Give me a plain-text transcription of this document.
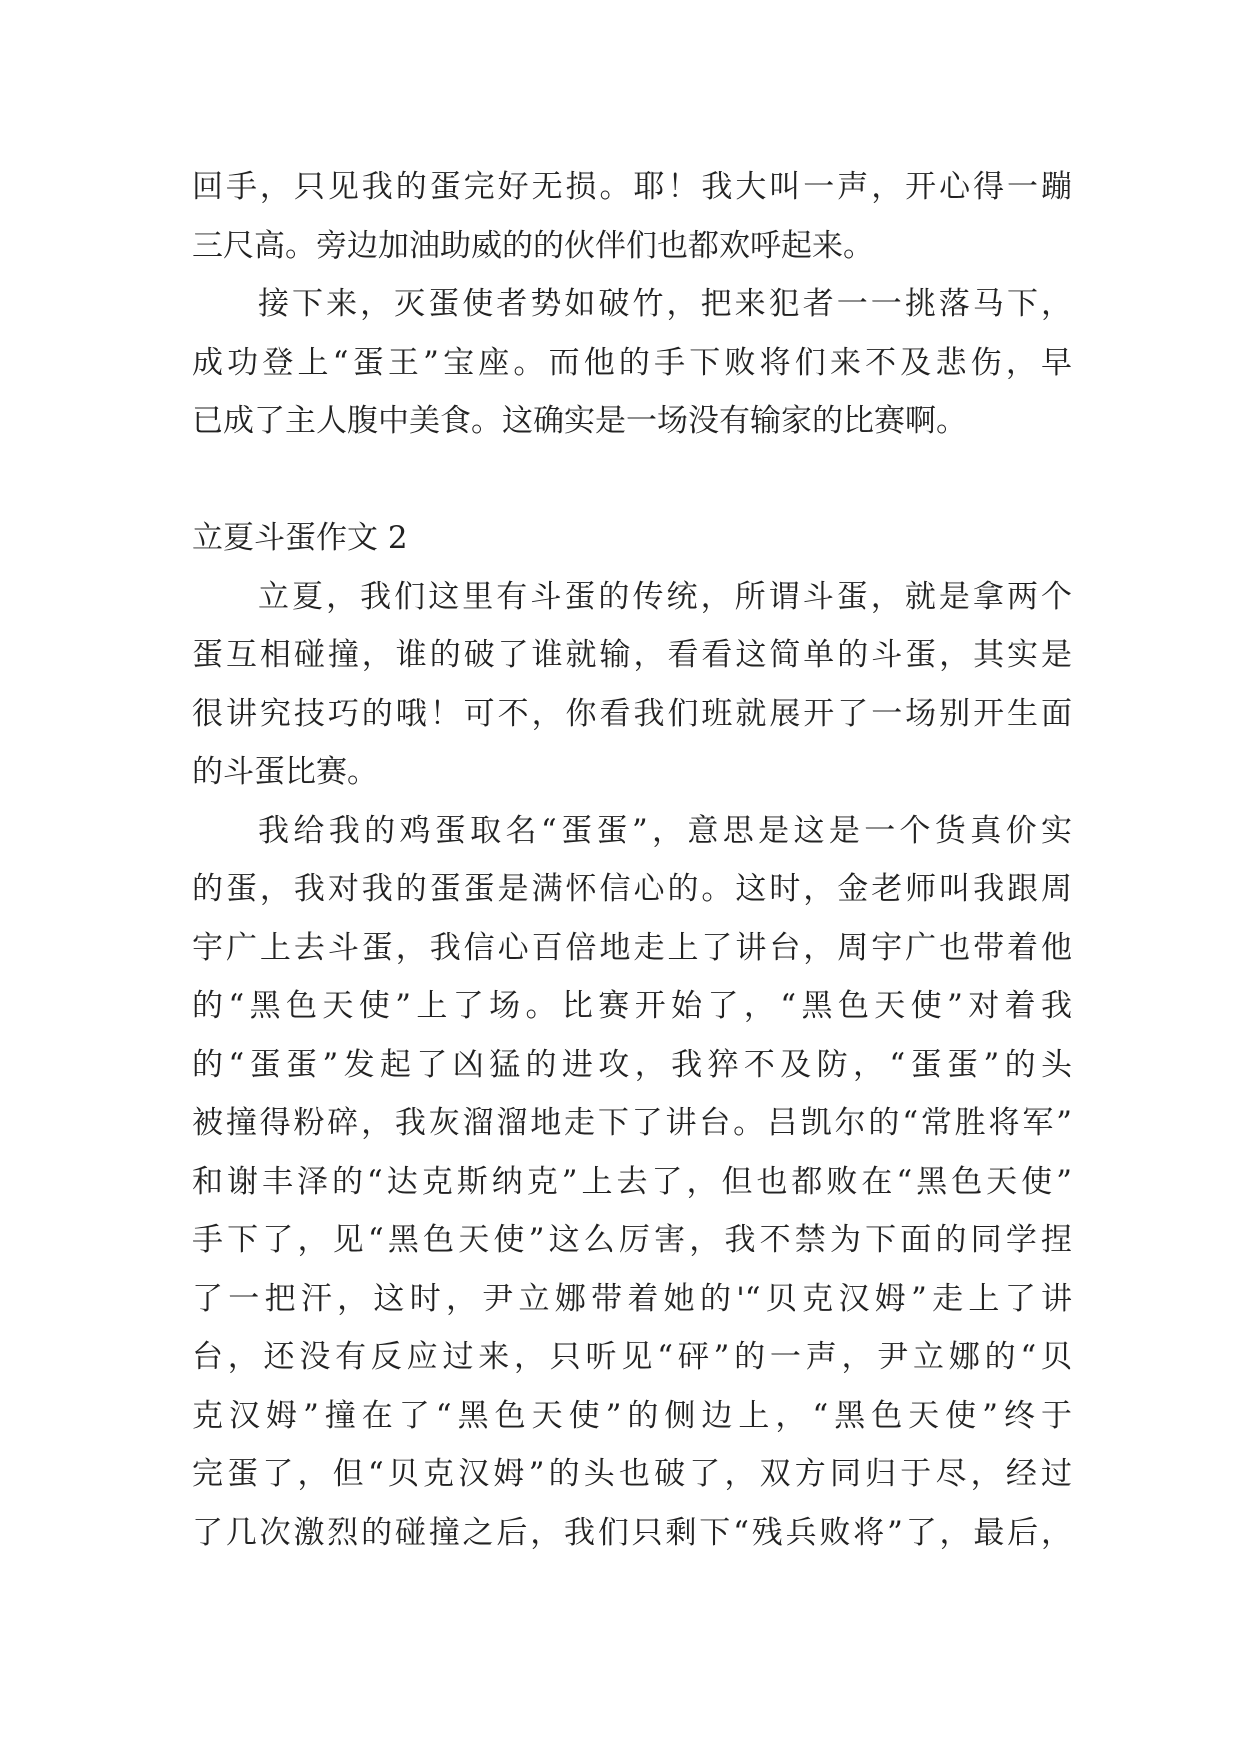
回手，只见我的蛋完好无损。耶！我大叫一声，开心得一蹦
三尺高。旁边加油助威的的伙伴们也都欢呼起来。
接下来，灭蛋使者势如破竹，把来犯者一一挑落马下，
成功登上“蛋王”宝座。而他的手下败将们来不及悲伤，早
已成了主人腹中美食。这确实是一场没有输家的比赛啊。
立夏斗蛋作文 2
立夏，我们这里有斗蛋的传统，所谓斗蛋，就是拿两个
蛋互相碰撞，谁的破了谁就输，看看这简单的斗蛋，其实是
很讲究技巧的哦！可不，你看我们班就展开了一场别开生面
的斗蛋比赛。
我给我的鸡蛋取名“蛋蛋”，意思是这是一个货真价实
的蛋，我对我的蛋蛋是满怀信心的。这时，金老师叫我跟周
宇广上去斗蛋，我信心百倍地走上了讲台，周宇广也带着他
的“黑色天使”上了场。比赛开始了，“黑色天使”对着我
的“蛋蛋”发起了凶猛的进攻，我猝不及防，“蛋蛋”的头
被撞得粉碎，我灰溜溜地走下了讲台。吕凯尔的“常胜将军”
和谢丰泽的“达克斯纳克”上去了，但也都败在“黑色天使”
手下了，见“黑色天使”这么厉害，我不禁为下面的同学捏
了一把汗，这时，尹立娜带着她的'“贝克汉姆”走上了讲
台，还没有反应过来，只听见“砰”的一声，尹立娜的“贝
克汉姆”撞在了“黑色天使”的侧边上，“黑色天使”终于
完蛋了，但“贝克汉姆”的头也破了，双方同归于尽，经过
了几次激烈的碰撞之后，我们只剩下“残兵败将”了，最后，
